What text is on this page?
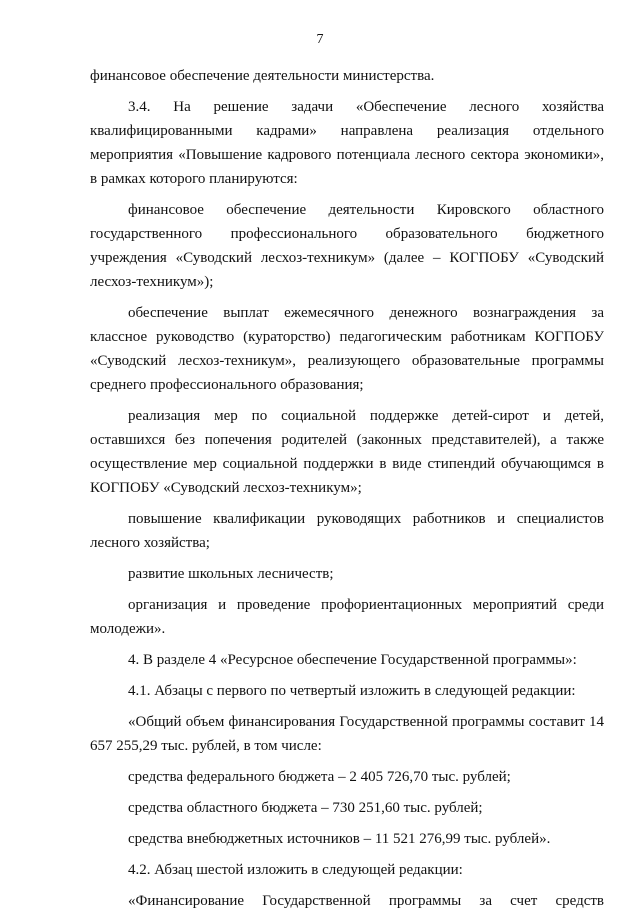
7

финансовое обеспечение деятельности министерства.

3.4. На решение задачи «Обеспечение лесного хозяйства квалифицированными кадрами» направлена реализация отдельного мероприятия «Повышение кадрового потенциала лесного сектора экономики», в рамках которого планируются:

финансовое обеспечение деятельности Кировского областного государственного профессионального образовательного бюджетного учреждения «Суводский лесхоз-техникум» (далее – КОГПОБУ «Суводский лесхоз-техникум»);

обеспечение выплат ежемесячного денежного вознаграждения за классное руководство (кураторство) педагогическим работникам КОГПОБУ «Суводский лесхоз-техникум», реализующего образовательные программы среднего профессионального образования;

реализация мер по социальной поддержке детей-сирот и детей, оставшихся без попечения родителей (законных представителей), а также осуществление мер социальной поддержки в виде стипендий обучающимся в КОГПОБУ «Суводский лесхоз-техникум»;

повышение квалификации руководящих работников и специалистов лесного хозяйства;

развитие школьных лесничеств;

организация и проведение профориентационных мероприятий среди молодежи».

4. В разделе 4 «Ресурсное обеспечение Государственной программы»:

4.1. Абзацы с первого по четвертый изложить в следующей редакции:

«Общий объем финансирования Государственной программы составит 14 657 255,29 тыс. рублей, в том числе:

средства федерального бюджета – 2 405 726,70 тыс. рублей;

средства областного бюджета – 730 251,60 тыс. рублей;

средства внебюджетных источников – 11 521 276,99 тыс. рублей».

4.2. Абзац шестой изложить в следующей редакции:

«Финансирование Государственной программы за счет средств
